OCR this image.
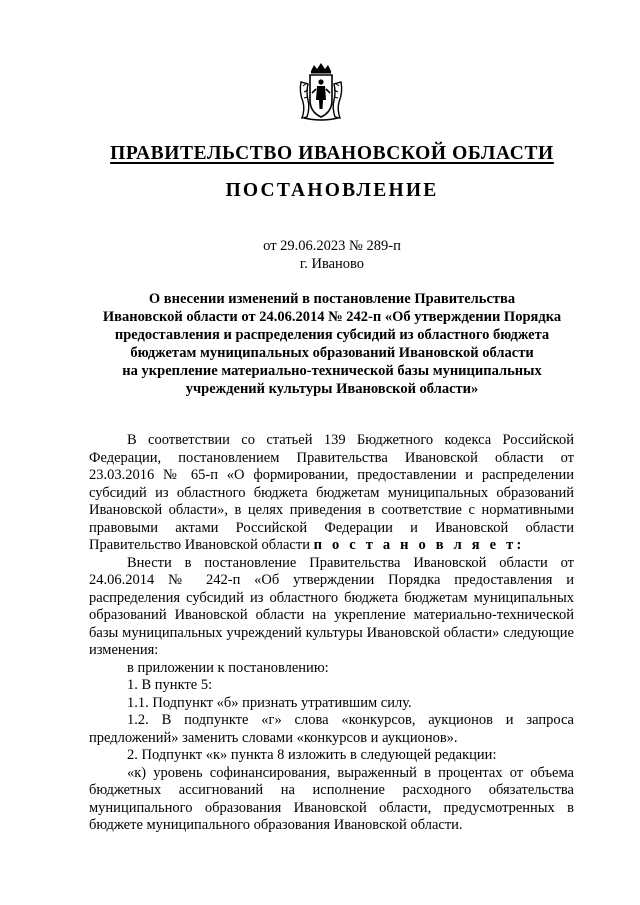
ПРАВИТЕЛЬСТВО ИВАНОВСКОЙ ОБЛАСТИ
ПОСТАНОВЛЕНИЕ
от 29.06.2023 № 289-п
г. Иваново
О внесении изменений в постановление Правительства
Ивановской области от 24.06.2014 № 242-п «Об утверждении Порядка
предоставления и распределения субсидий из областного бюджета
бюджетам муниципальных образований Ивановской области
на укрепление материально-технической базы муниципальных
учреждений культуры Ивановской области»

В соответствии со статьей 139 Бюджетного кодекса Российской Федерации, постановлением Правительства Ивановской области от 23.03.2016 № 65-п «О формировании, предоставлении и распределении субсидий из областного бюджета бюджетам муниципальных образований Ивановской области», в целях приведения в соответствие с нормативными правовыми актами Российской Федерации и Ивановской области Правительство Ивановской области п о с т а н о в л я е т:

Внести в постановление Правительства Ивановской области от 24.06.2014 № 242-п «Об утверждении Порядка предоставления и распределения субсидий из областного бюджета бюджетам муниципальных образований Ивановской области на укрепление материально-технической базы муниципальных учреждений культуры Ивановской области» следующие изменения:

в приложении к постановлению:

1. В пункте 5:

1.1. Подпункт «б» признать утратившим силу.

1.2. В подпункте «г» слова «конкурсов, аукционов и запроса предложений» заменить словами «конкурсов и аукционов».

2. Подпункт «к» пункта 8 изложить в следующей редакции:

«к) уровень софинансирования, выраженный в процентах от объема бюджетных ассигнований на исполнение расходного обязательства муниципального образования Ивановской области, предусмотренных в бюджете муниципального образования Ивановской области.
